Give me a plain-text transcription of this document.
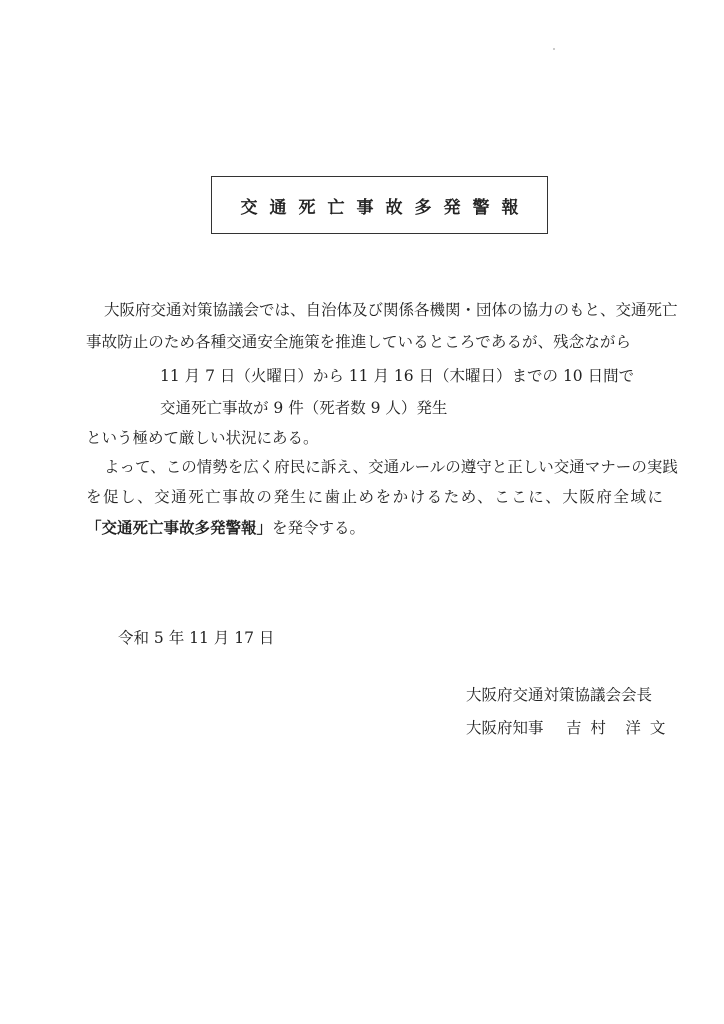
交通死亡事故多発警報
大阪府交通対策協議会では、自治体及び関係各機関・団体の協力のもと、交通死亡
事故防止のため各種交通安全施策を推進しているところであるが、残念ながら
11 月 7 日（火曜日）から 11 月 16 日（木曜日）までの 10 日間で
交通死亡事故が 9 件（死者数 9 人）発生
という極めて厳しい状況にある。
よって、この情勢を広く府民に訴え、交通ルールの遵守と正しい交通マナーの実践
を促し、交通死亡事故の発生に歯止めをかけるため、ここに、大阪府全域に
「交通死亡事故多発警報」を発令する。
令和 5 年 11 月 17 日
大阪府交通対策協議会会長
大阪府知事 吉 村　洋 文
